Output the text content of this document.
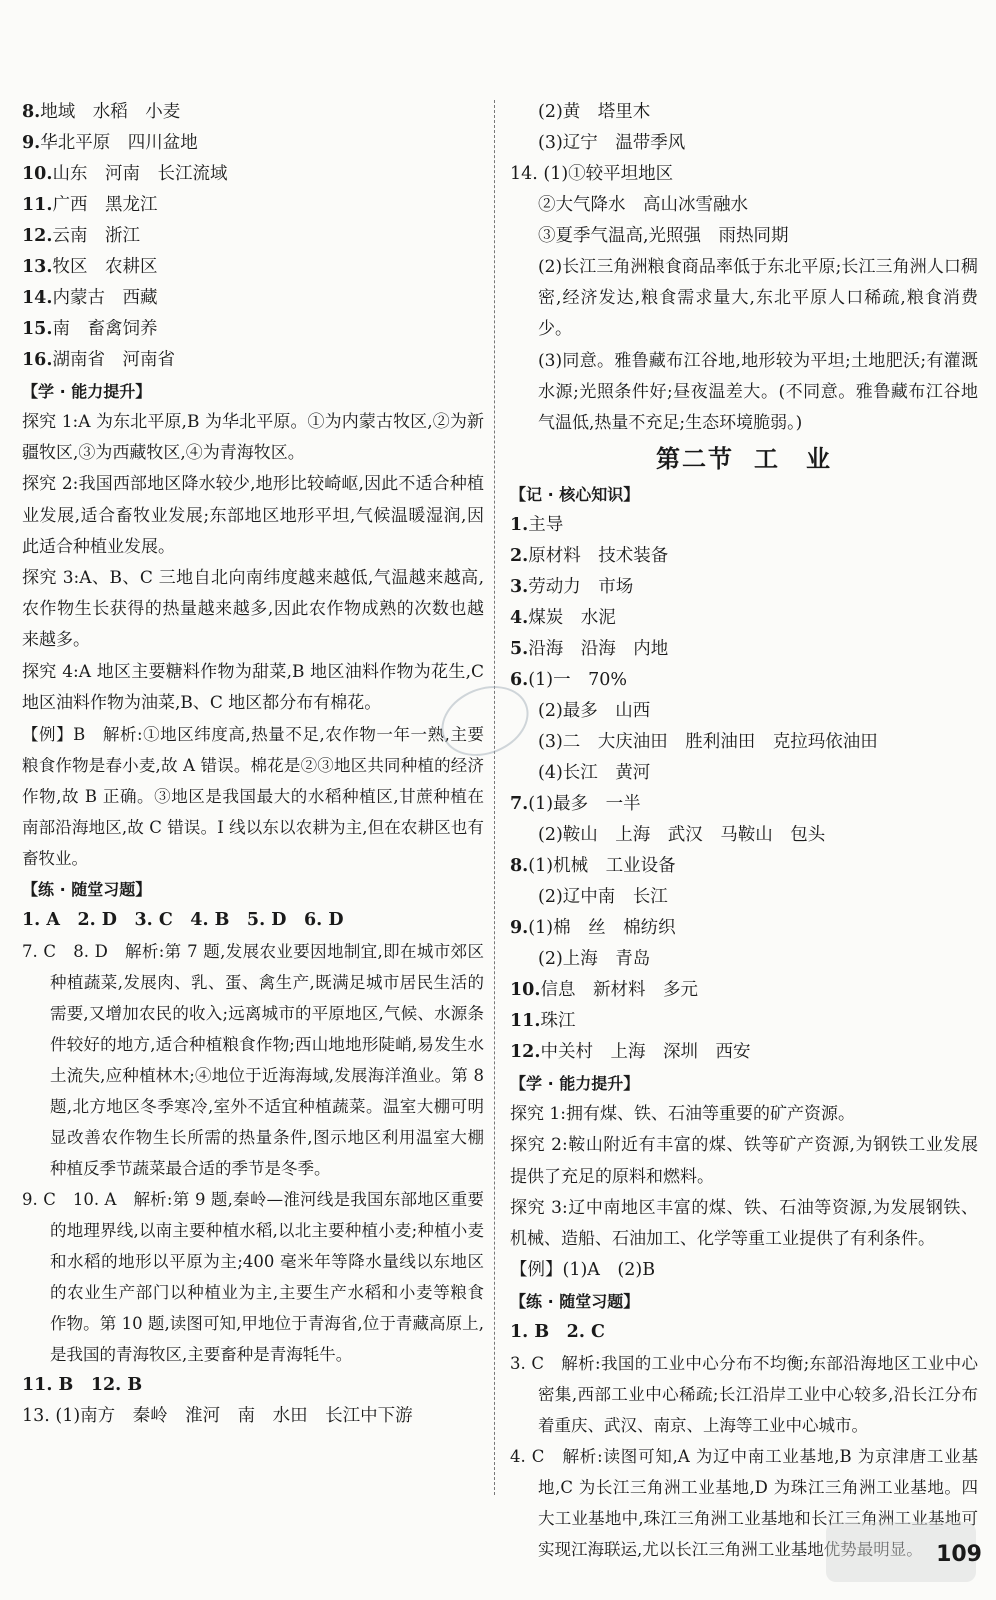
8.地域　水稻　小麦
9.华北平原　四川盆地
10.山东　河南　长江流域
11.广西　黑龙江
12.云南　浙江
13.牧区　农耕区
14.内蒙古　西藏
15.南　畜禽饲养
16.湖南省　河南省
【学 · 能力提升】

探究 1:A 为东北平原,B 为华北平原。①为内蒙古牧区,②为新疆牧区,③为西藏牧区,④为青海牧区。

探究 2:我国西部地区降水较少,地形比较崎岖,因此不适合种植业发展,适合畜牧业发展;东部地区地形平坦,气候温暖湿润,因此适合种植业发展。

探究 3:A、B、C 三地自北向南纬度越来越低,气温越来越高,农作物生长获得的热量越来越多,因此农作物成熟的次数也越来越多。

探究 4:A 地区主要糖料作物为甜菜,B 地区油料作物为花生,C 地区油料作物为油菜,B、C 地区都分布有棉花。

【例】B　解析:①地区纬度高,热量不足,农作物一年一熟,主要粮食作物是春小麦,故 A 错误。棉花是②③地区共同种植的经济作物,故 B 正确。③地区是我国最大的水稻种植区,甘蔗种植在南部沿海地区,故 C 错误。I 线以东以农耕为主,但在农耕区也有畜牧业。

【练 · 随堂习题】
1. A　2. D　3. C　4. B　5. D　6. D

7. C　8. D　解析:第 7 题,发展农业要因地制宜,即在城市郊区种植蔬菜,发展肉、乳、蛋、禽生产,既满足城市居民生活的需要,又增加农民的收入;远离城市的平原地区,气候、水源条件较好的地方,适合种植粮食作物;西山地地形陡峭,易发生水土流失,应种植林木;④地位于近海海域,发展海洋渔业。第 8 题,北方地区冬季寒冷,室外不适宜种植蔬菜。温室大棚可明显改善农作物生长所需的热量条件,图示地区利用温室大棚种植反季节蔬菜最合适的季节是冬季。

9. C　10. A　解析:第 9 题,秦岭—淮河线是我国东部地区重要的地理界线,以南主要种植水稻,以北主要种植小麦;种植小麦和水稻的地形以平原为主;400 毫米年等降水量线以东地区的农业生产部门以种植业为主,主要生产水稻和小麦等粮食作物。第 10 题,读图可知,甲地位于青海省,位于青藏高原上,是我国的青海牧区,主要畜种是青海牦牛。

11. B　12. B
13. (1)南方　秦岭　淮河　南　水田　长江中下游
(2)黄　塔里木
(3)辽宁　温带季风
14. (1)①较平坦地区
②大气降水　高山冰雪融水
③夏季气温高,光照强　雨热同期

(2)长江三角洲粮食商品率低于东北平原;长江三角洲人口稠密,经济发达,粮食需求量大,东北平原人口稀疏,粮食消费少。

(3)同意。雅鲁藏布江谷地,地形较为平坦;土地肥沃;有灌溉水源;光照条件好;昼夜温差大。(不同意。雅鲁藏布江谷地气温低,热量不充足;生态环境脆弱。)

第二节 工　业
【记 · 核心知识】
1.主导
2.原材料　技术装备
3.劳动力　市场
4.煤炭　水泥
5.沿海　沿海　内地
6.(1)一　70%
(2)最多　山西
(3)二　大庆油田　胜利油田　克拉玛依油田
(4)长江　黄河
7.(1)最多　一半
(2)鞍山　上海　武汉　马鞍山　包头
8.(1)机械　工业设备
(2)辽中南　长江
9.(1)棉　丝　棉纺织
(2)上海　青岛
10.信息　新材料　多元
11.珠江
12.中关村　上海　深圳　西安
【学 · 能力提升】

探究 1:拥有煤、铁、石油等重要的矿产资源。

探究 2:鞍山附近有丰富的煤、铁等矿产资源,为钢铁工业发展提供了充足的原料和燃料。

探究 3:辽中南地区丰富的煤、铁、石油等资源,为发展钢铁、机械、造船、石油加工、化学等重工业提供了有利条件。

【例】(1)A　(2)B
【练 · 随堂习题】
1. B　2. C

3. C　解析:我国的工业中心分布不均衡;东部沿海地区工业中心密集,西部工业中心稀疏;长江沿岸工业中心较多,沿长江分布着重庆、武汉、南京、上海等工业中心城市。

4. C　解析:读图可知,A 为辽中南工业基地,B 为京津唐工业基地,C 为长江三角洲工业基地,D 为珠江三角洲工业基地。四大工业基地中,珠江三角洲工业基地和长江三角洲工业基地可实现江海联运,尤以长江三角洲工业基地优势最明显。 109
